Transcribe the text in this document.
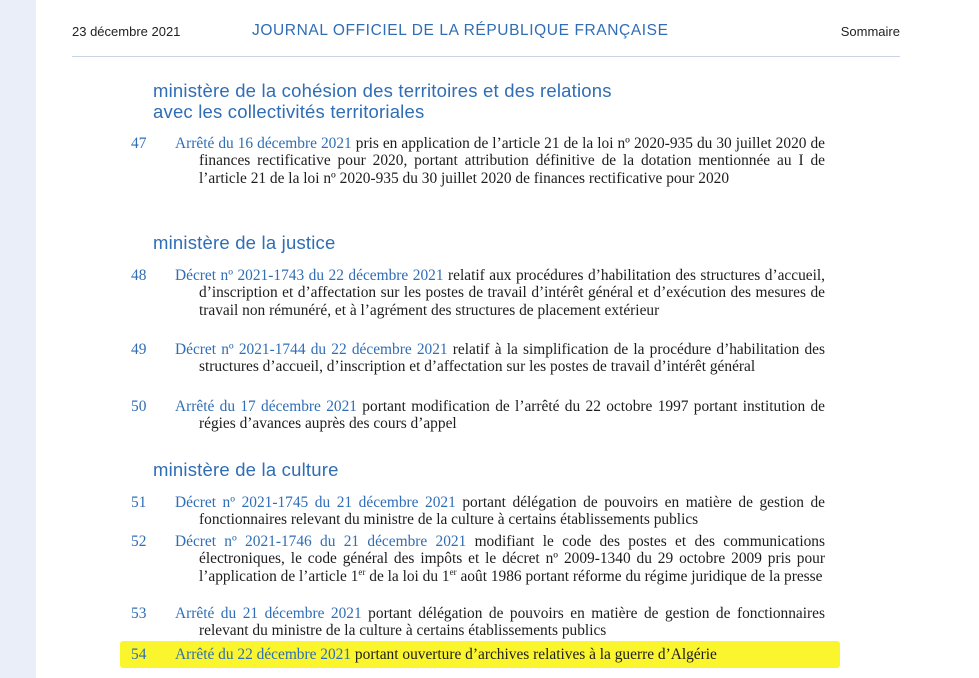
23 décembre 2021	JOURNAL OFFICIEL DE LA RÉPUBLIQUE FRANÇAISE	Sommaire
ministère de la cohésion des territoires et des relations
avec les collectivités territoriales
47 Arrêté du 16 décembre 2021 pris en application de l’article 21 de la loi nº 2020-935 du 30 juillet 2020 de finances rectificative pour 2020, portant attribution définitive de la dotation mentionnée au I de l’article 21 de la loi nº 2020-935 du 30 juillet 2020 de finances rectificative pour 2020
ministère de la justice
48 Décret nº 2021-1743 du 22 décembre 2021 relatif aux procédures d’habilitation des structures d’accueil, d’inscription et d’affectation sur les postes de travail d’intérêt général et d’exécution des mesures de travail non rémunéré, et à l’agrément des structures de placement extérieur
49 Décret nº 2021-1744 du 22 décembre 2021 relatif à la simplification de la procédure d’habilitation des structures d’accueil, d’inscription et d’affectation sur les postes de travail d’intérêt général
50 Arrêté du 17 décembre 2021 portant modification de l’arrêté du 22 octobre 1997 portant institution de régies d’avances auprès des cours d’appel
ministère de la culture
51 Décret nº 2021-1745 du 21 décembre 2021 portant délégation de pouvoirs en matière de gestion de fonctionnaires relevant du ministre de la culture à certains établissements publics
52 Décret nº 2021-1746 du 21 décembre 2021 modifiant le code des postes et des communications électroniques, le code général des impôts et le décret nº 2009-1340 du 29 octobre 2009 pris pour l’application de l’article 1er de la loi du 1er août 1986 portant réforme du régime juridique de la presse
53 Arrêté du 21 décembre 2021 portant délégation de pouvoirs en matière de gestion de fonctionnaires relevant du ministre de la culture à certains établissements publics
54 Arrêté du 22 décembre 2021 portant ouverture d’archives relatives à la guerre d’Algérie
